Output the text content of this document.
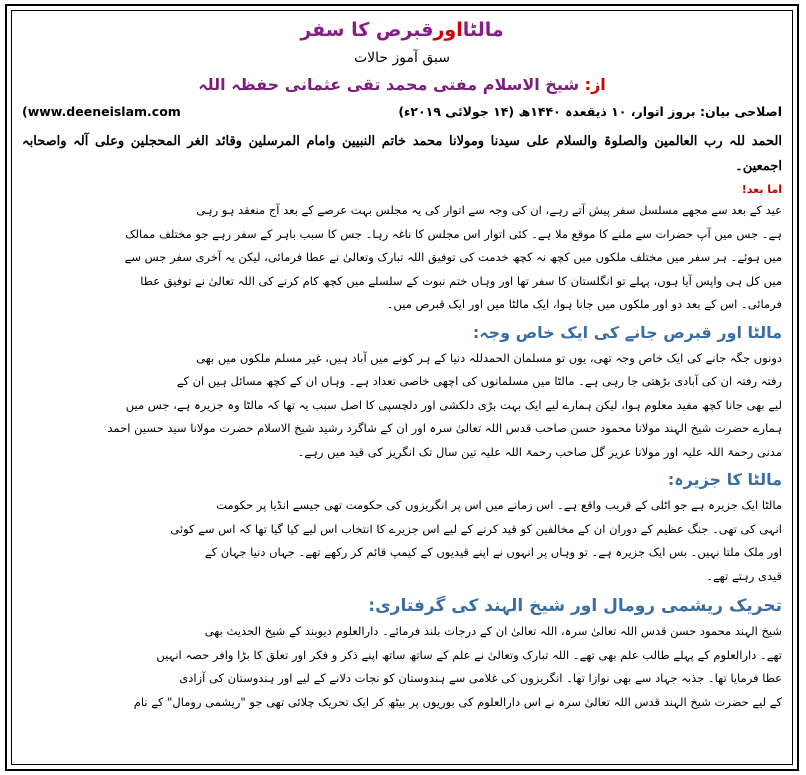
مالٹااورقبرص کا سفر
سبق آموز حالات
از: شیخ الاسلام مفتی محمد تقی عثمانی حفظہ اللہ
اصلاحی بیان: بروز اتوار، ۱۰ ذیقعدہ ۱۴۴۰ھ (۱۴ جولائی ۲۰۱۹ء)
(www.deeneislam.com
الحمد للہ رب العالمین والصلوۃ والسلام علی سیدنا ومولانا محمد خاتم النبیین وامام المرسلین وقائد الغر المحجلین وعلی آلہ واصحابہ اجمعین۔
اما بعد!
عید کے بعد سے مجھے مسلسل سفر پیش آتے رہے، ان کی وجہ سے اتوار کی یہ مجلس بہت عرصے کے بعد آج منعقد ہو رہی
ہے۔ جس میں آپ حضرات سے ملنے کا موقع ملا ہے۔ کئی اتوار اس مجلس کا ناغہ رہا۔ جس کا سبب باہر کے سفر رہے جو مختلف ممالک
میں ہوئے۔ ہر سفر میں مختلف ملکوں میں کچھ نہ کچھ خدمت کی توفیق اللہ تبارک وتعالیٰ نے عطا فرمائی، لیکن یہ آخری سفر جس سے
میں کل ہی واپس آیا ہوں، پہلے تو انگلستان کا سفر تھا اور وہاں ختم نبوت کے سلسلے میں کچھ کام کرنے کی اللہ تعالیٰ نے توفیق عطا
فرمائی۔ اس کے بعد دو اور ملکوں میں جانا ہوا، ایک مالٹا میں اور ایک قبرص میں۔
مالٹا اور قبرص جانے کی ایک خاص وجہ:
دونوں جگہ جانے کی ایک خاص وجہ تھی، یوں تو مسلمان الحمدللہ دنیا کے ہر کونے میں آباد ہیں، غیر مسلم ملکوں میں بھی
رفتہ رفتہ ان کی آبادی بڑھتی جا رہی ہے۔ مالٹا میں مسلمانوں کی اچھی خاصی تعداد ہے۔ وہاں ان کے کچھ مسائل ہیں ان کے
لیے بھی جانا کچھ مفید معلوم ہوا، لیکن ہمارے لیے ایک بہت بڑی دلکشی اور دلچسپی کا اصل سبب یہ تھا کہ مالٹا وہ جزیرہ ہے، جس میں
ہمارے حضرت شیخ الہند مولانا محمود حسن صاحب قدس اللہ تعالیٰ سرہ اور ان کے شاگرد رشید شیخ الاسلام حضرت مولانا سید حسین احمد
مدنی رحمۃ اللہ علیہ اور مولانا عزیر گل صاحب رحمۃ اللہ علیہ تین سال تک انگریز کی قید میں رہے۔
مالٹا کا جزیرہ:
مالٹا ایک جزیرہ ہے جو اٹلی کے قریب واقع ہے۔ اس زمانے میں اس پر انگریزوں کی حکومت تھی جیسے انڈیا پر حکومت
انہی کی تھی۔ جنگ عظیم کے دوران ان کے مخالفین کو قید کرنے کے لیے اس جزیرے کا انتخاب اس لیے کیا گیا تھا کہ اس سے کوئی
اور ملک ملتا نہیں۔ بس ایک جزیرہ ہے۔ تو وہاں پر انہوں نے اپنے قیدیوں کے کیمپ قائم کر رکھے تھے۔ جہاں دنیا جہان کے
قیدی رہتے تھے۔
تحریک ریشمی رومال اور شیخ الہند کی گرفتاری:
شیخ الہند محمود حسن قدس اللہ تعالیٰ سرہ، اللہ تعالیٰ ان کے درجات بلند فرمائے۔ دارالعلوم دیوبند کے شیخ الحدیث بھی
تھے۔ دارالعلوم کے پہلے طالب علم بھی تھے۔ اللہ تبارک وتعالیٰ نے علم کے ساتھ ساتھ اپنے ذکر و فکر اور تعلق کا بڑا وافر حصہ انہیں
عطا فرمایا تھا۔ جذبہ جہاد سے بھی نوازا تھا۔ انگریزوں کی غلامی سے ہندوستان کو نجات دلانے کے لیے اور ہندوستان کی آزادی
کے لیے حضرت شیخ الہند قدس اللہ تعالیٰ سرہ نے اس دارالعلوم کی بوریوں پر بیٹھ کر ایک تحریک چلائی تھی جو "ریشمی رومال" کے نام
